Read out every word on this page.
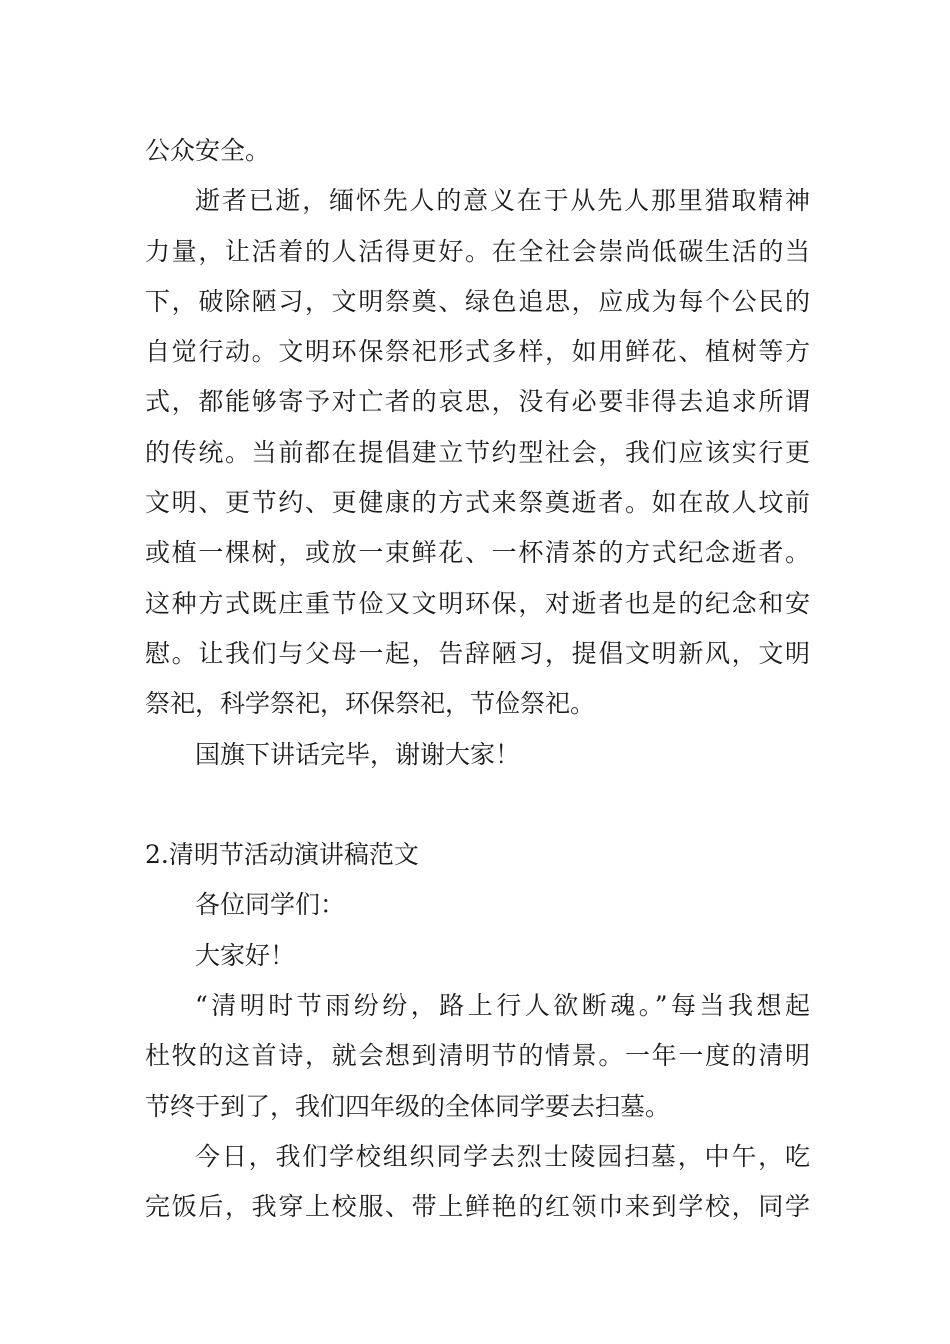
公众安全。
逝者已逝，缅怀先人的意义在于从先人那里猎取精神
力量，让活着的人活得更好。在全社会崇尚低碳生活的当
下，破除陋习，文明祭奠、绿色追思，应成为每个公民的
自觉行动。文明环保祭祀形式多样，如用鲜花、植树等方
式，都能够寄予对亡者的哀思，没有必要非得去追求所谓
的传统。当前都在提倡建立节约型社会，我们应该实行更
文明、更节约、更健康的方式来祭奠逝者。如在故人坟前
或植一棵树，或放一束鲜花、一杯清茶的方式纪念逝者。
这种方式既庄重节俭又文明环保，对逝者也是的纪念和安
慰。让我们与父母一起，告辞陋习，提倡文明新风，文明
祭祀，科学祭祀，环保祭祀，节俭祭祀。
国旗下讲话完毕，谢谢大家！
2.清明节活动演讲稿范文
各位同学们：
大家好！
“清明时节雨纷纷，路上行人欲断魂。”每当我想起
杜牧的这首诗，就会想到清明节的情景。一年一度的清明
节终于到了，我们四年级的全体同学要去扫墓。
今日，我们学校组织同学去烈士陵园扫墓，中午，吃
完饭后，我穿上校服、带上鲜艳的红领巾来到学校，同学
